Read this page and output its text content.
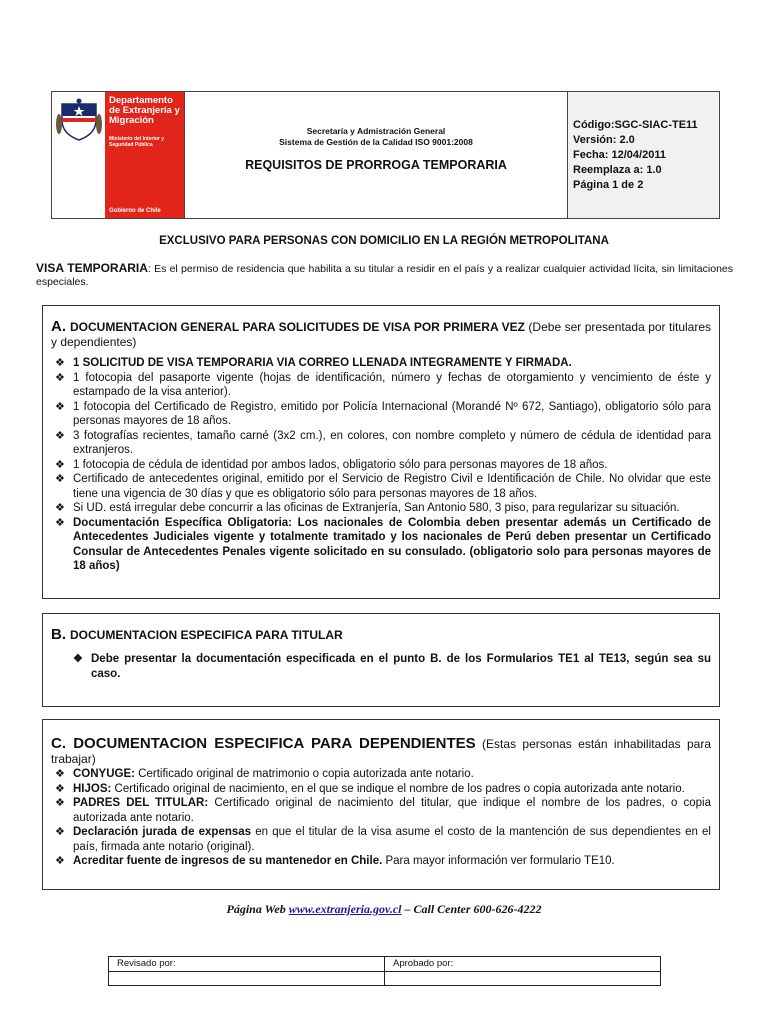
Departamento de Extranjería y Migración
Ministerio del Interior y Seguridad Pública
Gobierno de Chile
Secretaría y Admistración General
Sistema de Gestión de la Calidad ISO 9001:2008
REQUISITOS DE PRORROGA TEMPORARIA
Código:SGC-SIAC-TE11
Versión: 2.0
Fecha: 12/04/2011
Reemplaza a: 1.0
Página 1 de 2
EXCLUSIVO PARA PERSONAS CON DOMICILIO EN LA REGIÓN METROPOLITANA
VISA TEMPORARIA: Es el permiso de residencia que habilita a su titular a residir en el país y a realizar cualquier actividad lícita, sin limitaciones especiales.
A. DOCUMENTACION GENERAL PARA SOLICITUDES DE VISA POR PRIMERA VEZ (Debe ser presentada por titulares y dependientes)
❖ 1 SOLICITUD DE VISA TEMPORARIA VIA CORREO LLENADA INTEGRAMENTE Y FIRMADA.
❖ 1 fotocopia del pasaporte vigente (hojas de identificación, número y fechas de otorgamiento y vencimiento de éste y estampado de la visa anterior).
❖ 1 fotocopia del Certificado de Registro, emitido por Policía Internacional (Morandé Nº 672, Santiago), obligatorio sólo para personas mayores de 18 años.
❖ 3 fotografías recientes, tamaño carné (3x2 cm.), en colores, con nombre completo y número de cédula de identidad para extranjeros.
❖ 1 fotocopia de cédula de identidad por ambos lados, obligatorio sólo para personas mayores de 18 años.
❖ Certificado de antecedentes original, emitido por el Servicio de Registro Civil e Identificación de Chile. No olvidar que este tiene una vigencia de 30 días y que es obligatorio sólo para personas mayores de 18 años.
❖ Si UD. está irregular debe concurrir a las oficinas de Extranjería, San Antonio 580, 3 piso, para regularizar su situación.
❖ Documentación Específica Obligatoria: Los nacionales de Colombia deben presentar además un Certificado de Antecedentes Judiciales vigente y totalmente tramitado y los nacionales de Perú deben presentar un Certificado Consular de Antecedentes Penales vigente solicitado en su consulado. (obligatorio solo para personas mayores de 18 años)
B. DOCUMENTACION ESPECIFICA PARA TITULAR
❖ Debe presentar la documentación especificada en el punto B. de los Formularios TE1 al TE13, según sea su caso.
C. DOCUMENTACION ESPECIFICA PARA DEPENDIENTES (Estas personas están inhabilitadas para trabajar)
❖ CONYUGE: Certificado original de matrimonio o copia autorizada ante notario.
❖ HIJOS: Certificado original de nacimiento, en el que se indique el nombre de los padres o copia autorizada ante notario.
❖ PADRES DEL TITULAR: Certificado original de nacimiento del titular, que indique el nombre de los padres, o copia autorizada ante notario.
❖ Declaración jurada de expensas en que el titular de la visa asume el costo de la mantención de sus dependientes en el país, firmada ante notario (original).
❖ Acreditar fuente de ingresos de su mantenedor en Chile. Para mayor información ver formulario TE10.
Página Web www.extranjeria.gov.cl – Call Center 600-626-4222
Revisado por:	Aprobado por:
